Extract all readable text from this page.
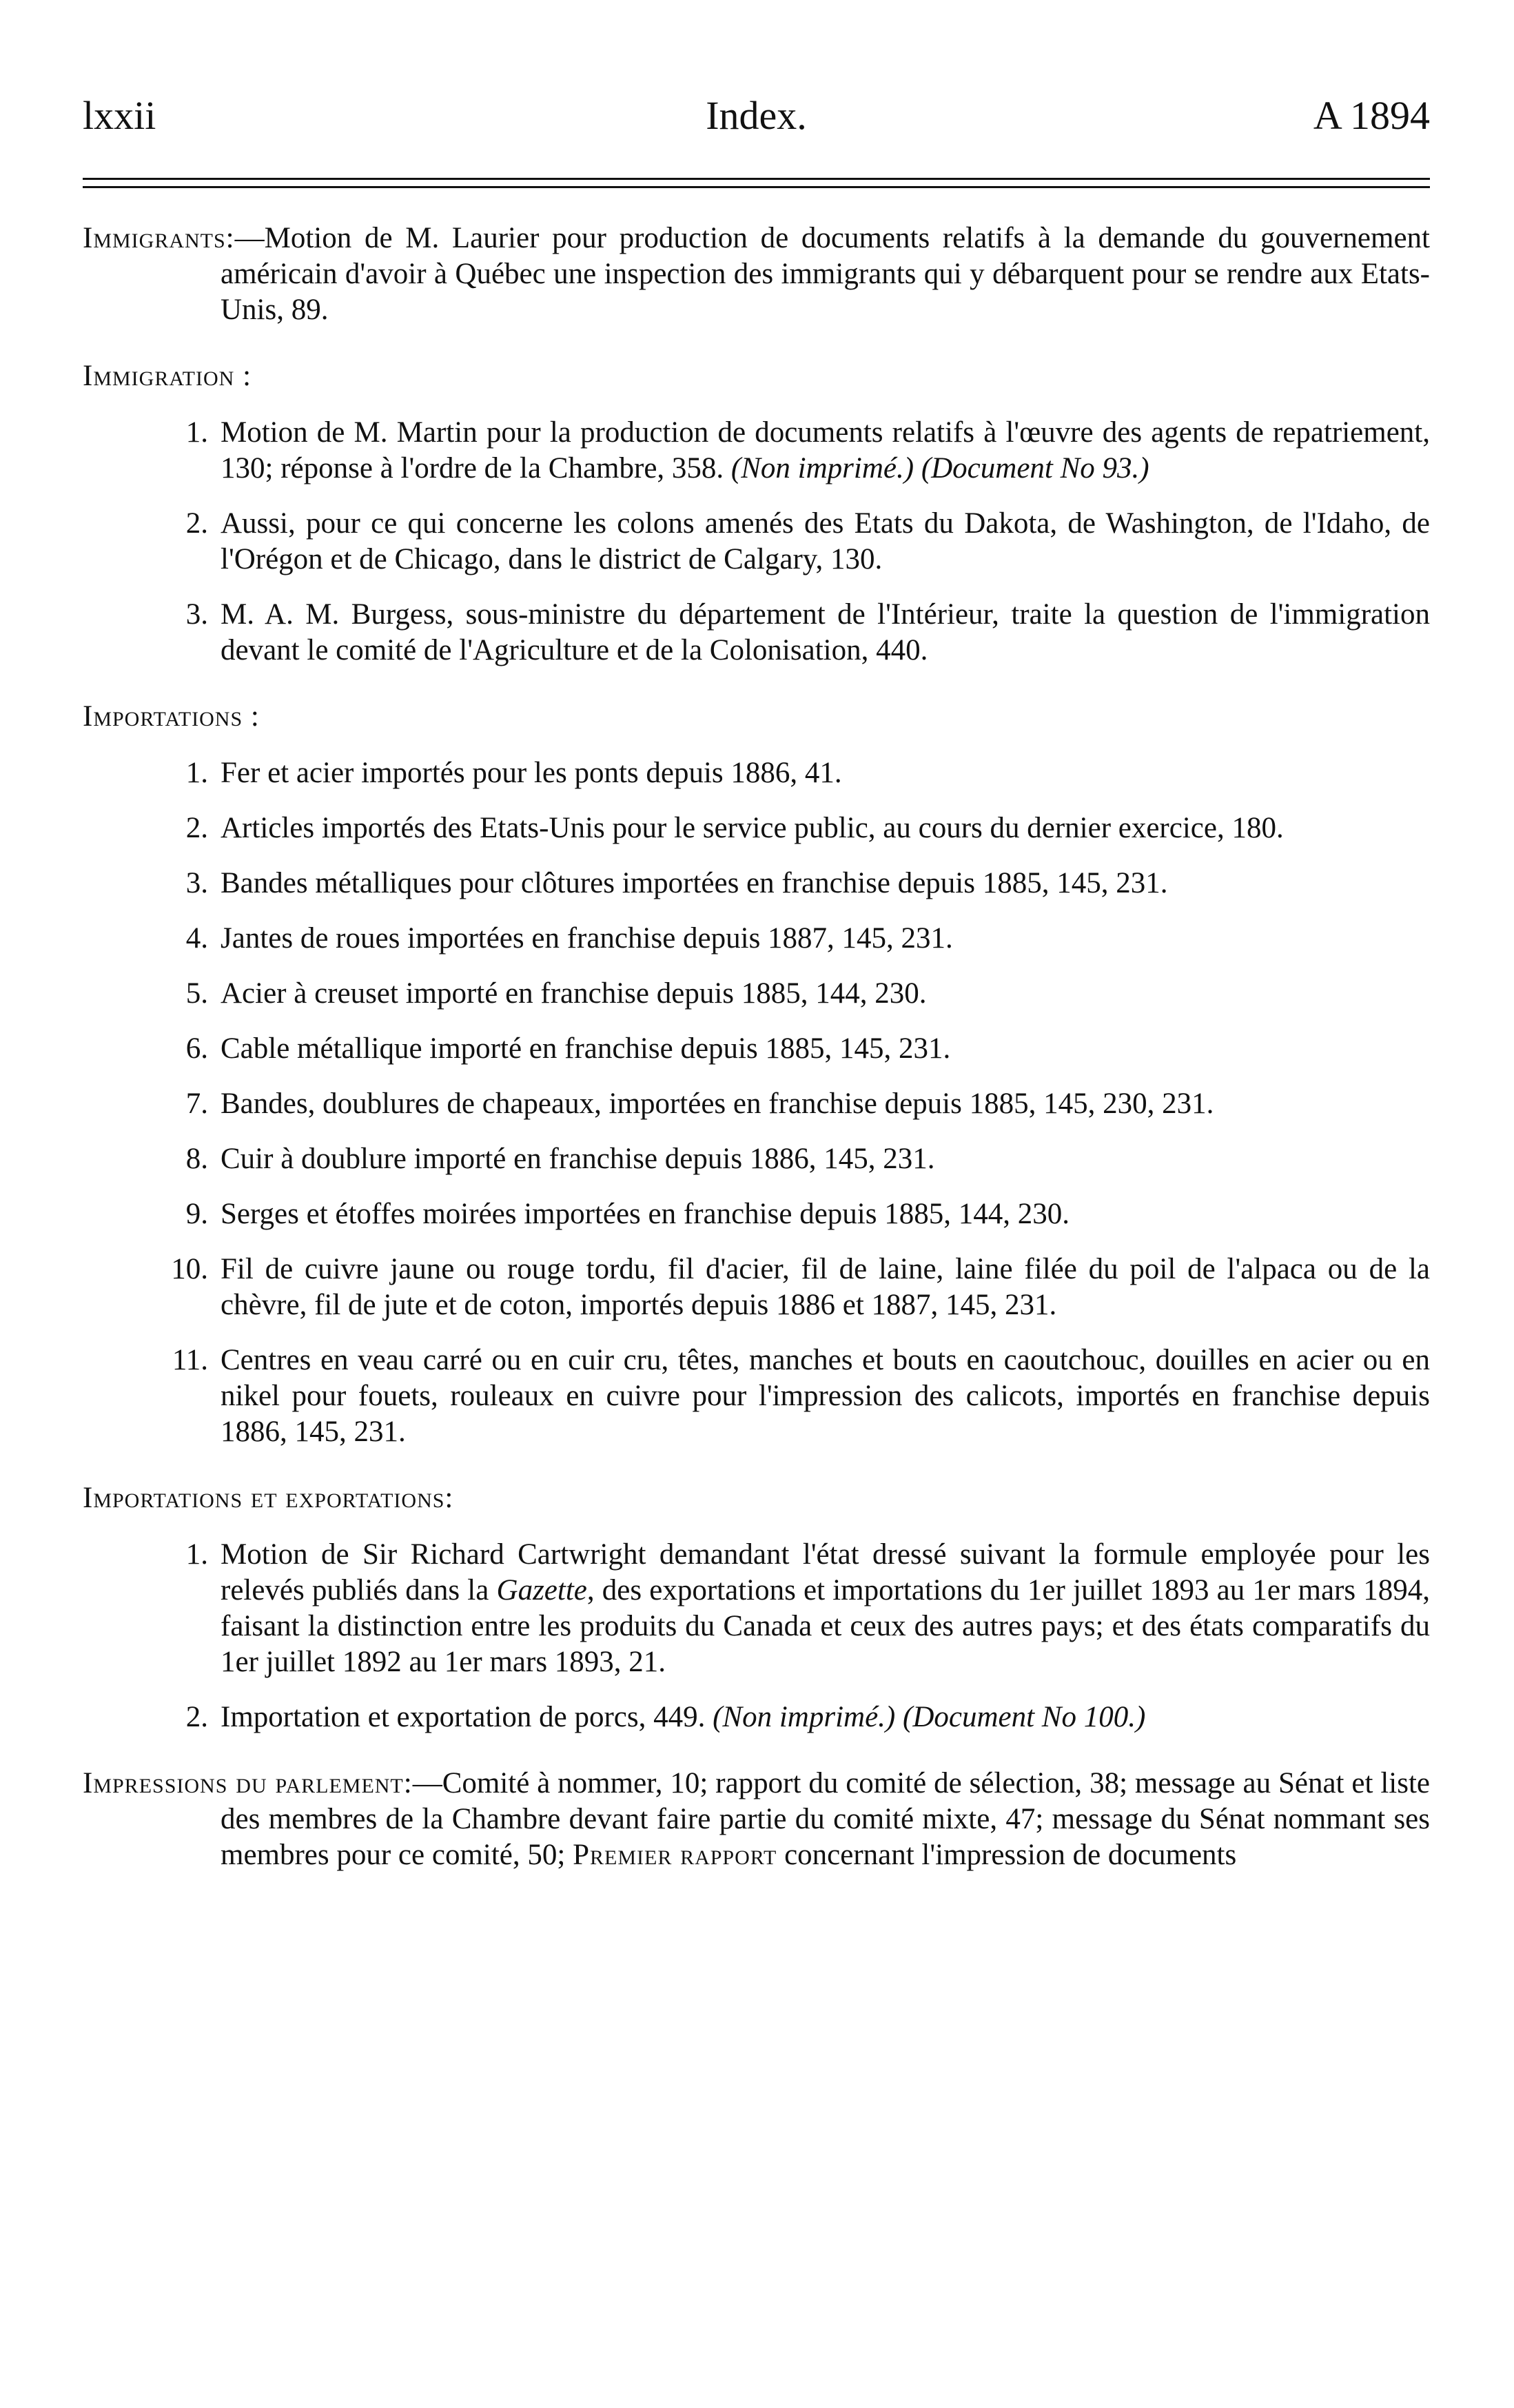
lxxii	Index.	A 1894
Immigrants:—Motion de M. Laurier pour production de documents relatifs à la demande du gouvernement américain d'avoir à Québec une inspection des immigrants qui y débarquent pour se rendre aux Etats-Unis, 89.
Immigration :
1. Motion de M. Martin pour la production de documents relatifs à l'œuvre des agents de repatriement, 130; réponse à l'ordre de la Chambre, 358. (Non imprimé.) (Document No 93.)
2. Aussi, pour ce qui concerne les colons amenés des Etats du Dakota, de Washington, de l'Idaho, de l'Orégon et de Chicago, dans le district de Calgary, 130.
3. M. A. M. Burgess, sous-ministre du département de l'Intérieur, traite la question de l'immigration devant le comité de l'Agriculture et de la Colonisation, 440.
Importations :
1. Fer et acier importés pour les ponts depuis 1886, 41.
2. Articles importés des Etats-Unis pour le service public, au cours du dernier exercice, 180.
3. Bandes métalliques pour clôtures importées en franchise depuis 1885, 145, 231.
4. Jantes de roues importées en franchise depuis 1887, 145, 231.
5. Acier à creuset importé en franchise depuis 1885, 144, 230.
6. Cable métallique importé en franchise depuis 1885, 145, 231.
7. Bandes, doublures de chapeaux, importées en franchise depuis 1885, 145, 230, 231.
8. Cuir à doublure importé en franchise depuis 1886, 145, 231.
9. Serges et étoffes moirées importées en franchise depuis 1885, 144, 230.
10. Fil de cuivre jaune ou rouge tordu, fil d'acier, fil de laine, laine filée du poil de l'alpaca ou de la chèvre, fil de jute et de coton, importés depuis 1886 et 1887, 145, 231.
11. Centres en veau carré ou en cuir cru, têtes, manches et bouts en caoutchouc, douilles en acier ou en nikel pour fouets, rouleaux en cuivre pour l'impression des calicots, importés en franchise depuis 1886, 145, 231.
Importations et exportations:
1. Motion de Sir Richard Cartwright demandant l'état dressé suivant la formule employée pour les relevés publiés dans la Gazette, des exportations et importations du 1er juillet 1893 au 1er mars 1894, faisant la distinction entre les produits du Canada et ceux des autres pays; et des états comparatifs du 1er juillet 1892 au 1er mars 1893, 21.
2. Importation et exportation de porcs, 449. (Non imprimé.) (Document No 100.)
Impressions du parlement:—Comité à nommer, 10; rapport du comité de sélection, 38; message au Sénat et liste des membres de la Chambre devant faire partie du comité mixte, 47; message du Sénat nommant ses membres pour ce comité, 50; Premier rapport concernant l'impression de documents
